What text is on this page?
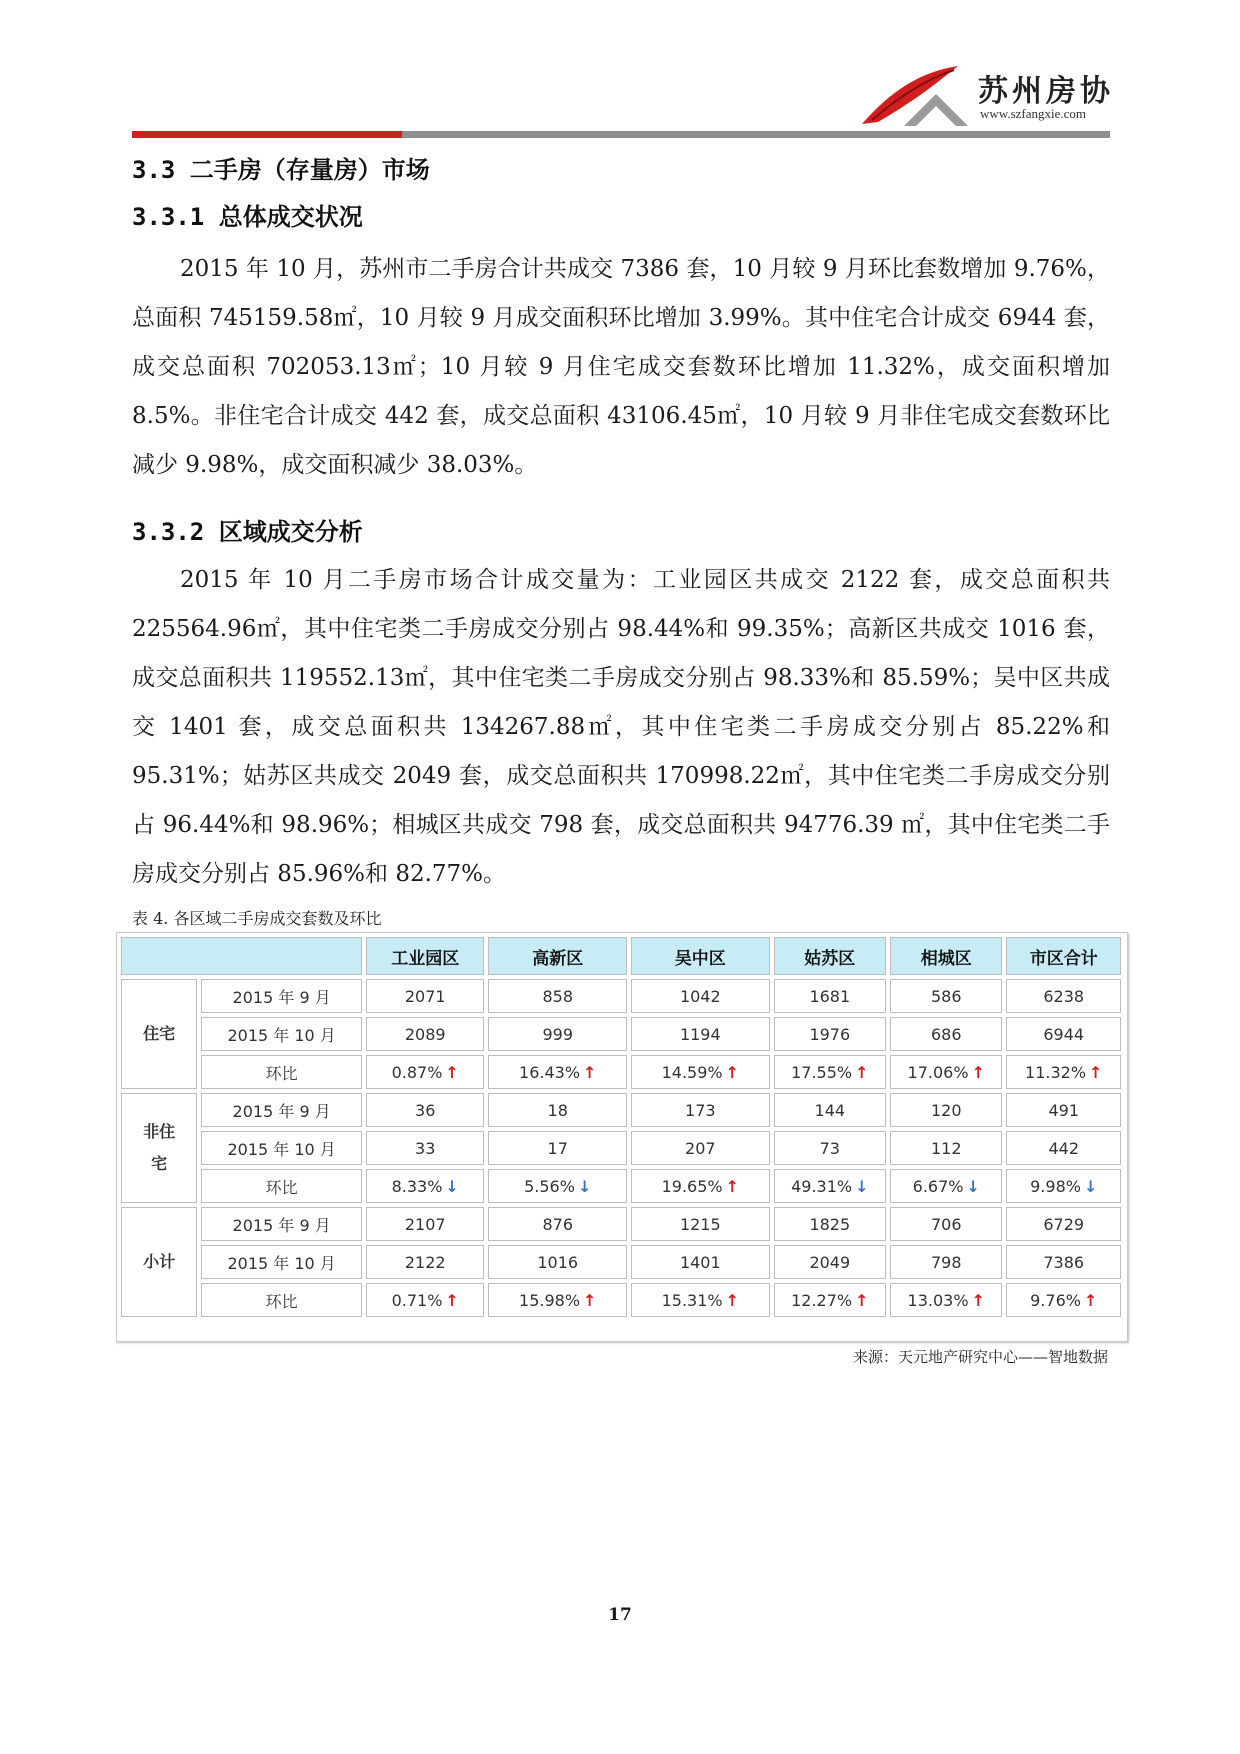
苏州房协
www.szfangxie.com
3.3 二手房（存量房）市场
3.3.1 总体成交状况

2015 年 10 月，苏州市二手房合计共成交 7386 套，10 月较 9 月环比套数增加 9.76%，总面积 745159.58㎡，10 月较 9 月成交面积环比增加 3.99%。其中住宅合计成交 6944 套，成交总面积 702053.13㎡；10 月较 9 月住宅成交套数环比增加 11.32%，成交面积增加 8.5%。非住宅合计成交 442 套，成交总面积 43106.45㎡，10 月较 9 月非住宅成交套数环比减少 9.98%，成交面积减少 38.03%。

3.3.2 区域成交分析

2015 年 10 月二手房市场合计成交量为：工业园区共成交 2122 套，成交总面积共 225564.96㎡，其中住宅类二手房成交分别占 98.44%和 99.35%；高新区共成交 1016 套，成交总面积共 119552.13㎡，其中住宅类二手房成交分别占 98.33%和 85.59%；吴中区共成交 1401 套，成交总面积共 134267.88㎡，其中住宅类二手房成交分别占 85.22%和 95.31%；姑苏区共成交 2049 套，成交总面积共 170998.22㎡，其中住宅类二手房成交分别占 96.44%和 98.96%；相城区共成交 798 套，成交总面积共 94776.39 ㎡，其中住宅类二手房成交分别占 85.96%和 82.77%。

表 4. 各区域二手房成交套数及环比
		工业园区	高新区	吴中区	姑苏区	相城区	市区合计
住宅	2015 年 9 月	2071	858	1042	1681	586	6238
	2015 年 10 月	2089	999	1194	1976	686	6944
	环比	0.87% ↑	16.43% ↑	14.59% ↑	17.55% ↑	17.06% ↑	11.32% ↑
非住宅	2015 年 9 月	36	18	173	144	120	491
	2015 年 10 月	33	17	207	73	112	442
	环比	8.33% ↓	5.56% ↓	19.65% ↑	49.31% ↓	6.67% ↓	9.98% ↓
小计	2015 年 9 月	2107	876	1215	1825	706	6729
	2015 年 10 月	2122	1016	1401	2049	798	7386
	环比	0.71% ↑	15.98% ↑	15.31% ↑	12.27% ↑	13.03% ↑	9.76% ↑
来源：天元地产研究中心——智地数据
17
